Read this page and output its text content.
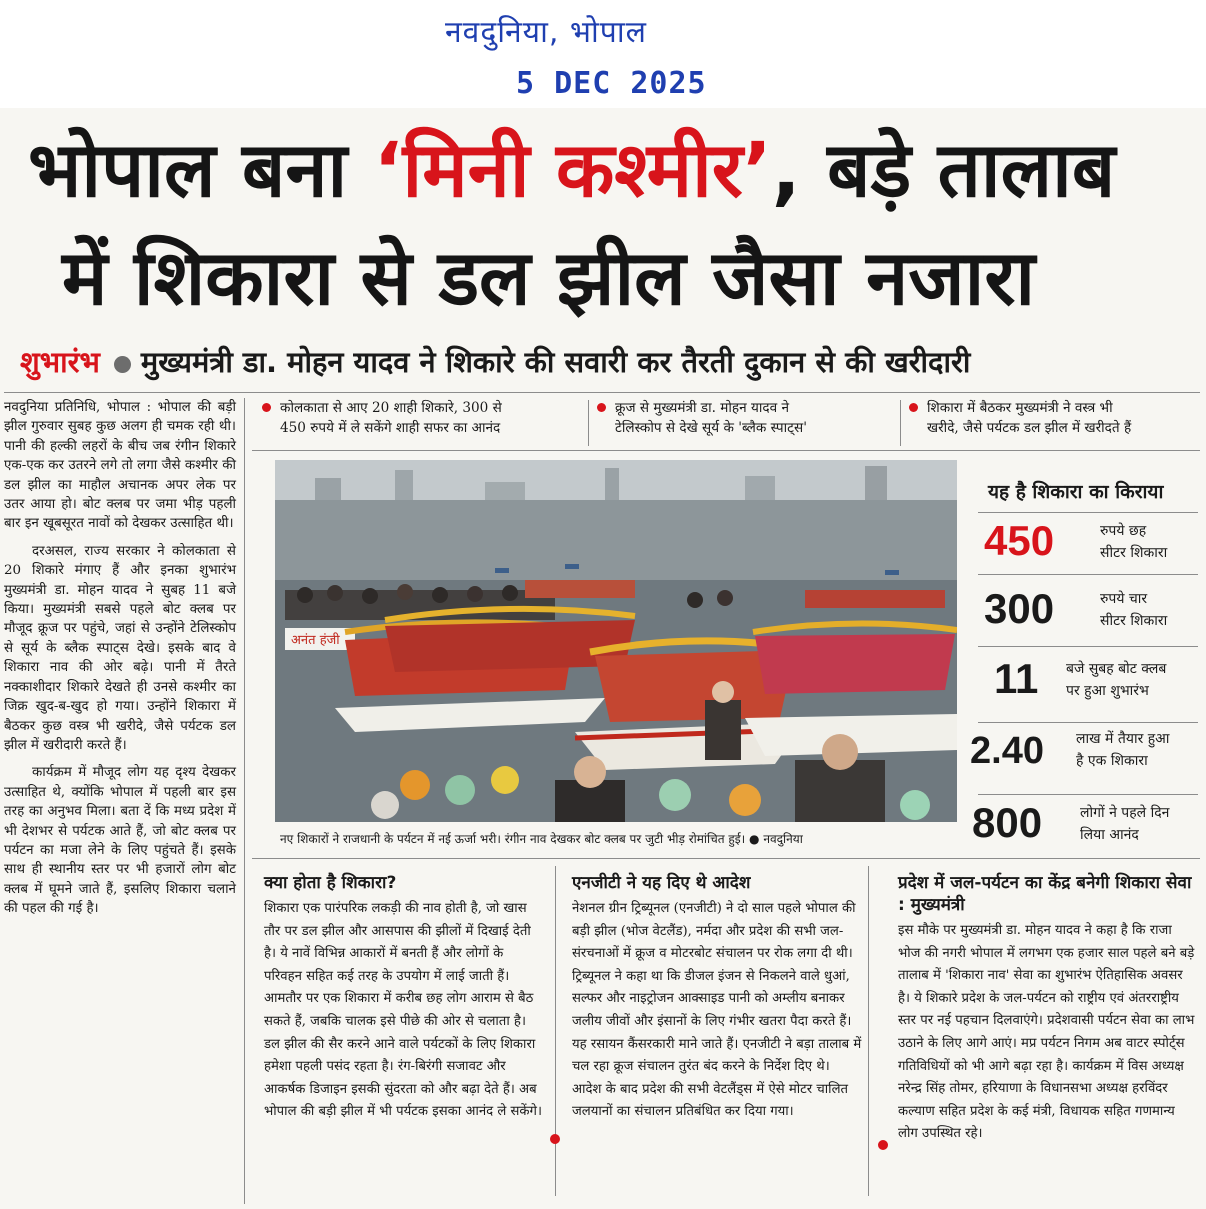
नवदुनिया, भोपाल
5 DEC 2025
भोपाल बना ‘मिनी कश्मीर’, बड़े तालाब
में शिकारा से डल झील जैसा नजारा
शुभारंभ मुख्यमंत्री डा. मोहन यादव ने शिकारे की सवारी कर तैरती दुकान से की खरीदारी

नवदुनिया प्रतिनिधि, भोपाल : भोपाल की बड़ी झील गुरुवार सुबह कुछ अलग ही चमक रही थी। पानी की हल्की लहरों के बीच जब रंगीन शिकारे एक-एक कर उतरने लगे तो लगा जैसे कश्मीर की डल झील का माहौल अचानक अपर लेक पर उतर आया हो। बोट क्लब पर जमा भीड़ पहली बार इन खूबसूरत नावों को देखकर उत्साहित थी।

दरअसल, राज्य सरकार ने कोलकाता से 20 शिकारे मंगाए हैं और इनका शुभारंभ मुख्यमंत्री डा. मोहन यादव ने सुबह 11 बजे किया। मुख्यमंत्री सबसे पहले बोट क्लब पर मौजूद क्रूज पर पहुंचे, जहां से उन्होंने टेलिस्कोप से सूर्य के ब्लैक स्पाट्स देखे। इसके बाद वे शिकारा नाव की ओर बढ़े। पानी में तैरते नक्काशीदार शिकारे देखते ही उनसे कश्मीर का जिक्र खुद-ब-खुद हो गया। उन्होंने शिकारा में बैठकर कुछ वस्त्र भी खरीदे, जैसे पर्यटक डल झील में खरीदारी करते हैं।

कार्यक्रम में मौजूद लोग यह दृश्य देखकर उत्साहित थे, क्योंकि भोपाल में पहली बार इस तरह का अनुभव मिला। बता दें कि मध्य प्रदेश में भी देशभर से पर्यटक आते हैं, जो बोट क्लब पर पर्यटन का मजा लेने के लिए पहुंचते हैं। इसके साथ ही स्थानीय स्तर पर भी हजारों लोग बोट क्लब में घूमने जाते हैं, इसलिए शिकारा चलाने की पहल की गई है।

कोलकाता से आए 20 शाही शिकारे, 300 से
450 रुपये में ले सकेंगे शाही सफर का आनंद
क्रूज से मुख्यमंत्री डा. मोहन यादव ने
टेलिस्कोप से देखे सूर्य के 'ब्लैक स्पाट्स'
शिकारा में बैठकर मुख्यमंत्री ने वस्त्र भी
खरीदे, जैसे पर्यटक डल झील में खरीदते हैं
अनंत हंजी
नए शिकारों ने राजधानी के पर्यटन में नई ऊर्जा भरी। रंगीन नाव देखकर बोट क्लब पर जुटी भीड़ रोमांचित हुई। ● नवदुनिया
यह है शिकारा का किराया
450	रुपये छह
सीटर शिकारा
300	रुपये चार
सीटर शिकारा
11 बजे सुबह बोट क्लब
पर हुआ शुभारंभ
2.40 लाख में तैयार हुआ
है एक शिकारा
800	लोगों ने पहले दिन
लिया आनंद
क्या होता है शिकारा?
शिकारा एक पारंपरिक लकड़ी की नाव होती है, जो खास तौर पर डल झील और आसपास की झीलों में दिखाई देती है। ये नावें विभिन्न आकारों में बनती हैं और लोगों के परिवहन सहित कई तरह के उपयोग में लाई जाती हैं। आमतौर पर एक शिकारा में करीब छह लोग आराम से बैठ सकते हैं, जबकि चालक इसे पीछे की ओर से चलाता है। डल झील की सैर करने आने वाले पर्यटकों के लिए शिकारा हमेशा पहली पसंद रहता है। रंग-बिरंगी सजावट और आकर्षक डिजाइन इसकी सुंदरता को और बढ़ा देते हैं। अब भोपाल की बड़ी झील में भी पर्यटक इसका आनंद ले सकेंगे।
एनजीटी ने यह दिए थे आदेश
नेशनल ग्रीन ट्रिब्यूनल (एनजीटी) ने दो साल पहले भोपाल की बड़ी झील (भोज वेटलैंड), नर्मदा और प्रदेश की सभी जल-संरचनाओं में क्रूज व मोटरबोट संचालन पर रोक लगा दी थी। ट्रिब्यूनल ने कहा था कि डीजल इंजन से निकलने वाले धुआं, सल्फर और नाइट्रोजन आक्साइड पानी को अम्लीय बनाकर जलीय जीवों और इंसानों के लिए गंभीर खतरा पैदा करते हैं। यह रसायन कैंसरकारी माने जाते हैं। एनजीटी ने बड़ा तालाब में चल रहा क्रूज संचालन तुरंत बंद करने के निर्देश दिए थे। आदेश के बाद प्रदेश की सभी वेटलैंड्स में ऐसे मोटर चालित जलयानों का संचालन प्रतिबंधित कर दिया गया।
प्रदेश में जल-पर्यटन का केंद्र बनेगी शिकारा सेवा : मुख्यमंत्री
इस मौके पर मुख्यमंत्री डा. मोहन यादव ने कहा है कि राजा भोज की नगरी भोपाल में लगभग एक हजार साल पहले बने बड़े तालाब में 'शिकारा नाव' सेवा का शुभारंभ ऐतिहासिक अवसर है। ये शिकारे प्रदेश के जल-पर्यटन को राष्ट्रीय एवं अंतरराष्ट्रीय स्तर पर नई पहचान दिलवाएंगे। प्रदेशवासी पर्यटन सेवा का लाभ उठाने के लिए आगे आएं। मप्र पर्यटन निगम अब वाटर स्पोर्ट्स गतिविधियों को भी आगे बढ़ा रहा है। कार्यक्रम में विस अध्यक्ष नरेन्द्र सिंह तोमर, हरियाणा के विधानसभा अध्यक्ष हरविंदर कल्याण सहित प्रदेश के कई मंत्री, विधायक सहित गणमान्य लोग उपस्थित रहे।
